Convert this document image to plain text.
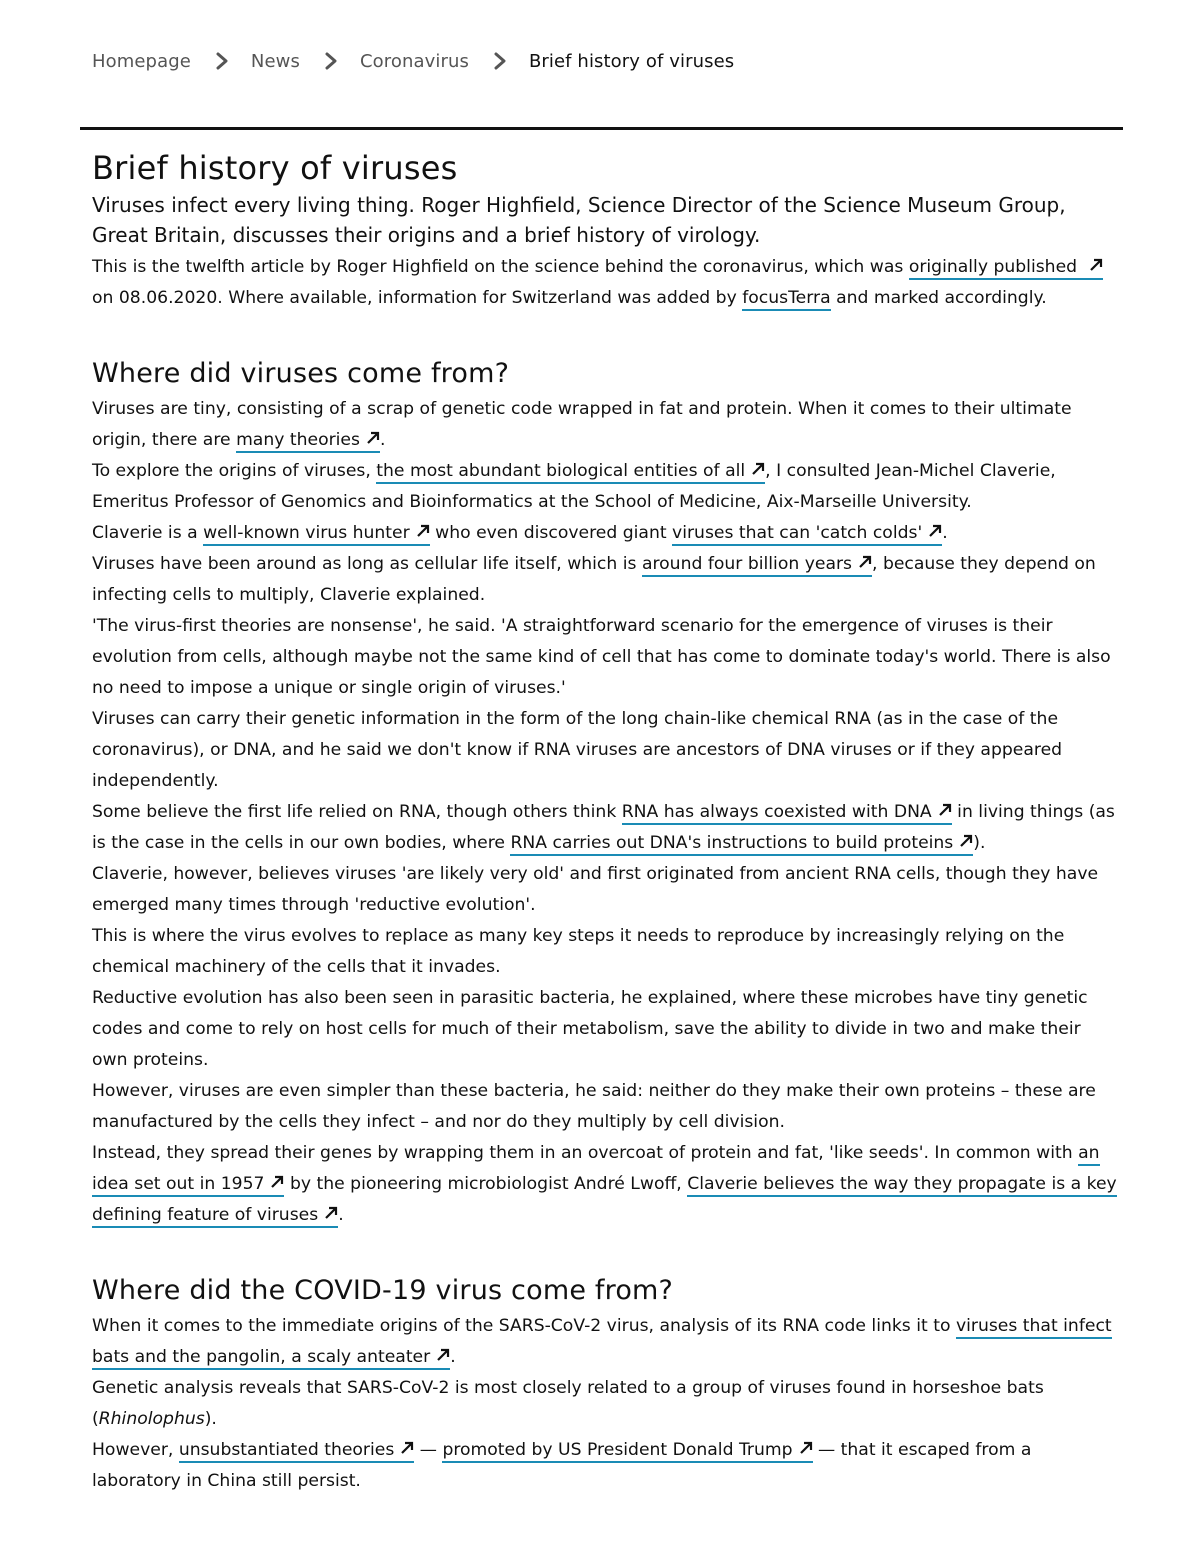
Homepage	News	Coronavirus	Brief history of viruses
Brief history of viruses
Viruses infect every living thing. Roger Highfield, Science Director of the Science Museum Group, Great Britain, discusses their origins and a brief history of virology.

This is the twelfth article by Roger Highfield on the science behind the coronavirus, which was originally published
on 08.06.2020. Where available, information for Switzerland was added by focusTerra and marked accordingly.

Where did viruses come from?

Viruses are tiny, consisting of a scrap of genetic code wrapped in fat and protein. When it comes to their ultimate origin, there are many theories .

To explore the origins of viruses, the most abundant biological entities of all , I consulted Jean-Michel Claverie, Emeritus Professor of Genomics and Bioinformatics at the School of Medicine, Aix-Marseille University.

Claverie is a well-known virus hunter
who even discovered giant viruses that can 'catch colds' .

Viruses have been around as long as cellular life itself, which is around four billion years , because they depend on infecting cells to multiply, Claverie explained.

'The virus-first theories are nonsense', he said. 'A straightforward scenario for the emergence of viruses is their evolution from cells, although maybe not the same kind of cell that has come to dominate today's world. There is also no need to impose a unique or single origin of viruses.'

Viruses can carry their genetic information in the form of the long chain-like chemical RNA (as in the case of the coronavirus), or DNA, and he said we don't know if RNA viruses are ancestors of DNA viruses or if they appeared independently.

Some believe the first life relied on RNA, though others think RNA has always coexisted with DNA
in living things (as is the case in the cells in our own bodies, where RNA carries out DNA's instructions to build proteins ).

Claverie, however, believes viruses 'are likely very old' and first originated from ancient RNA cells, though they have emerged many times through 'reductive evolution'.

This is where the virus evolves to replace as many key steps it needs to reproduce by increasingly relying on the chemical machinery of the cells that it invades.

Reductive evolution has also been seen in parasitic bacteria, he explained, where these microbes have tiny genetic codes and come to rely on host cells for much of their metabolism, save the ability to divide in two and make their own proteins.

However, viruses are even simpler than these bacteria, he said: neither do they make their own proteins – these are manufactured by the cells they infect – and nor do they multiply by cell division.

Instead, they spread their genes by wrapping them in an overcoat of protein and fat, 'like seeds'. In common with an idea set out in 1957
by the pioneering microbiologist André Lwoff, Claverie believes the way they propagate is a key defining feature of viruses .

Where did the COVID-19 virus come from?

When it comes to the immediate origins of the SARS-CoV-2 virus, analysis of its RNA code links it to viruses that infect bats and the pangolin, a scaly anteater .

Genetic analysis reveals that SARS-CoV-2 is most closely related to a group of viruses found in horseshoe bats (Rhinolophus).

However, unsubstantiated theories
— promoted by US President Donald Trump
— that it escaped from a laboratory in China still persist.
